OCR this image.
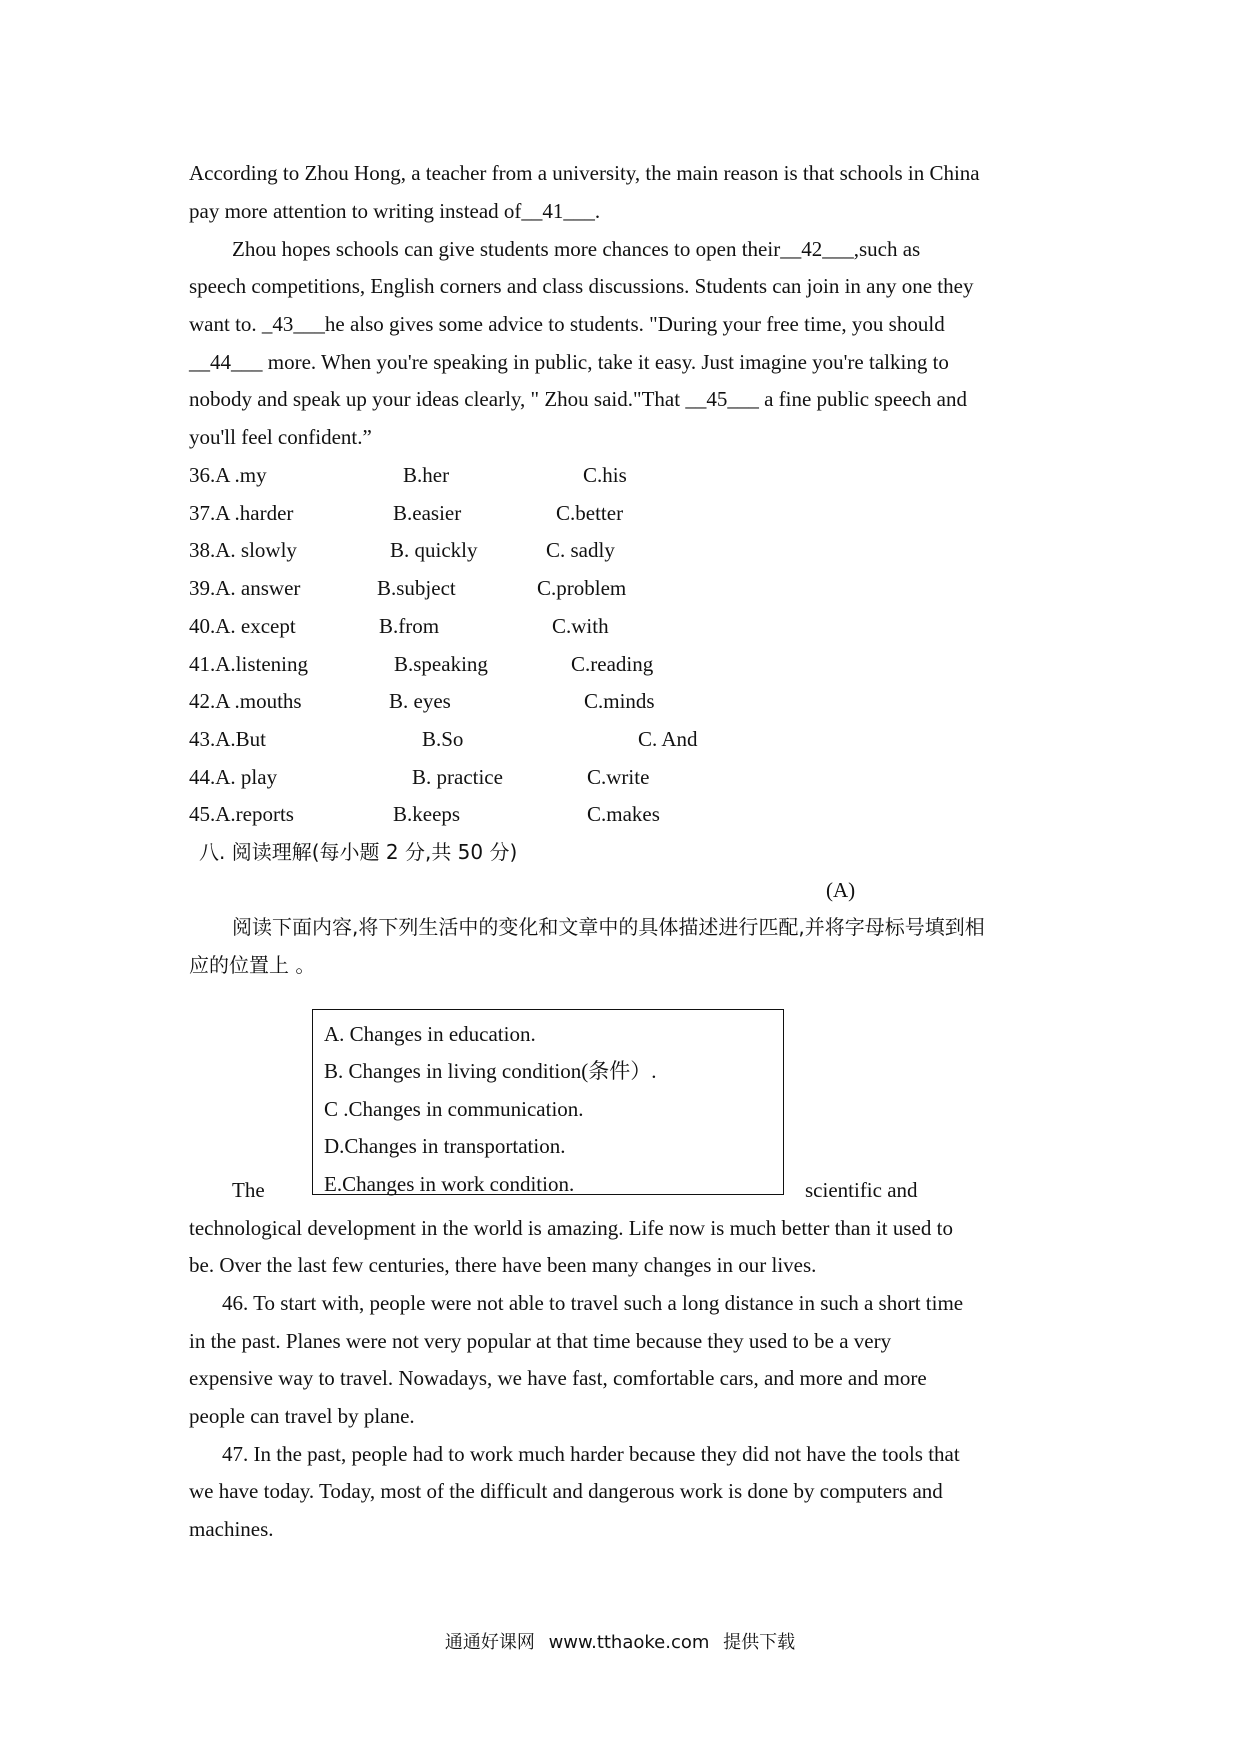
According to Zhou Hong, a teacher from a university, the main reason is that schools in China
pay more attention to writing instead of__41___.
Zhou hopes schools can give students more chances to open their__42___,such as
speech competitions, English corners and class discussions. Students can join in any one they
want to. _43___he also gives some advice to students. "During your free time, you should
__44___ more. When you're speaking in public, take it easy. Just imagine you're talking to
nobody and speak up your ideas clearly, " Zhou said."That __45___ a fine public speech and
you'll feel confident.”
36.A .my	B.her	C.his
37.A .harder	B.easier	C.better
38.A. slowly	B. quickly	C. sadly
39.A. answer	B.subject	C.problem
40.A. except	B.from	C.with
41.A.listening	B.speaking	C.reading
42.A .mouths	B. eyes	C.minds
43.A.But	B.So	C. And
44.A. play	B. practice	C.write
45.A.reports	B.keeps	C.makes
八. 阅读理解(每小题 2 分,共 50 分)
(A)
阅读下面内容,将下列生活中的变化和文章中的具体描述进行匹配,并将字母标号填到相
应的位置上 。
A. Changes in education.
B. Changes in living condition(条件）.
C .Changes in communication.
D.Changes in transportation.
E.Changes in work condition.
The	scientific and
technological development in the world is amazing. Life now is much better than it used to
be. Over the last few centuries, there have been many changes in our lives.
46. To start with, people were not able to travel such a long distance in such a short time
in the past. Planes were not very popular at that time because they used to be a very
expensive way to travel. Nowadays, we have fast, comfortable cars, and more and more
people can travel by plane.
47. In the past, people had to work much harder because they did not have the tools that
we have today. Today, most of the difficult and dangerous work is done by computers and
machines.
通通好课网 www.tthaoke.com 提供下载
